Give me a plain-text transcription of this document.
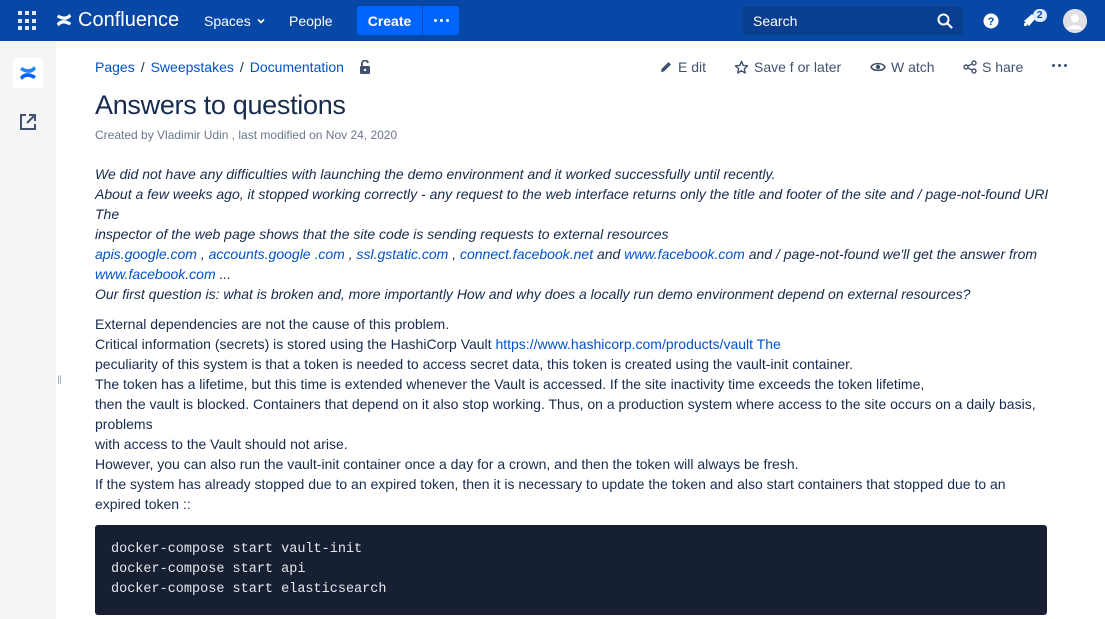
Confluence Spaces	People	Create
Search	?
2
‖
Pages / Sweepstakes / Documentation	E dit	Save f or later	W atch	S hare
Answers to questions
Created by Vladimir Udin , last modified on Nov 24, 2020

We did not have any difficulties with launching the demo environment and it worked successfully until recently.

About a few weeks ago, it stopped working correctly - any request to the web interface returns only the title and footer of the site and / page-not-found URI The

inspector of the web page shows that the site code is sending requests to external resources

apis.google.com , accounts.google .com , ssl.gstatic.com , connect.facebook.net and www.facebook.com and / page-not-found we'll get the answer from www.facebook.com ...

Our first question is: what is broken and, more importantly How and why does a locally run demo environment depend on external resources?

External dependencies are not the cause of this problem.

Critical information (secrets) is stored using the HashiCorp Vault https://www.hashicorp.com/products/vault The

peculiarity of this system is that a token is needed to access secret data, this token is created using the vault-init container.

The token has a lifetime, but this time is extended whenever the Vault is accessed. If the site inactivity time exceeds the token lifetime,

then the vault is blocked. Containers that depend on it also stop working. Thus, on a production system where access to the site occurs on a daily basis, problems

with access to the Vault should not arise.

However, you can also run the vault-init container once a day for a crown, and then the token will always be fresh.

If the system has already stopped due to an expired token, then it is necessary to update the token and also start containers that stopped due to an expired token ::

docker-compose start vault-init
docker-compose start api
docker-compose start elasticsearch
